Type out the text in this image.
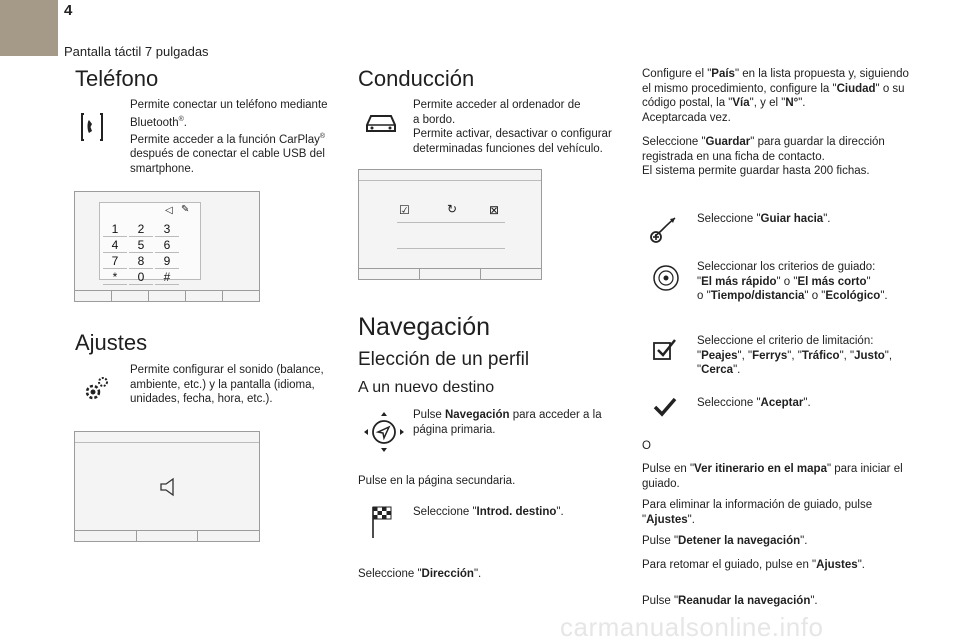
4
Pantalla táctil 7 pulgadas
Teléfono
Permite conectar un teléfono mediante
Bluetooth®.
Permite acceder a la función CarPlay®
después de conectar el cable USB del
smartphone.
◁ ✎
1	2	3
4	5	6
7	8	9
*	0	#
Ajustes
Permite configurar el sonido (balance,
ambiente, etc.) y la pantalla (idioma,
unidades, fecha, hora, etc.).
Conducción
Permite acceder al ordenador de
a bordo.
Permite activar, desactivar o configurar
determinadas funciones del vehículo.
☑	↻	⊠
Navegación
Elección de un perfil
A un nuevo destino
Pulse Navegación para acceder a la
página primaria.
Pulse en la página secundaria.
Seleccione "Introd. destino".
Seleccione "Dirección".
Configure el "País" en la lista propuesta y, siguiendo
el mismo procedimiento, configure la "Ciudad" o su
código postal, la "Vía", y el "N°".
Aceptarcada vez.
Seleccione "Guardar" para guardar la dirección
registrada en una ficha de contacto.
El sistema permite guardar hasta 200 fichas.
Seleccione "Guiar hacia".
Seleccionar los criterios de guiado:
"El más rápido" o "El más corto"
o "Tiempo/distancia" o "Ecológico".
Seleccione el criterio de limitación:
"Peajes", "Ferrys", "Tráfico", "Justo",
"Cerca".
Seleccione "Aceptar".
O
Pulse en "Ver itinerario en el mapa" para iniciar el
guiado.
Para eliminar la información de guiado, pulse
"Ajustes".
Pulse "Detener la navegación".
Para retomar el guiado, pulse en "Ajustes".
Pulse "Reanudar la navegación".
carmanualsonline.info
